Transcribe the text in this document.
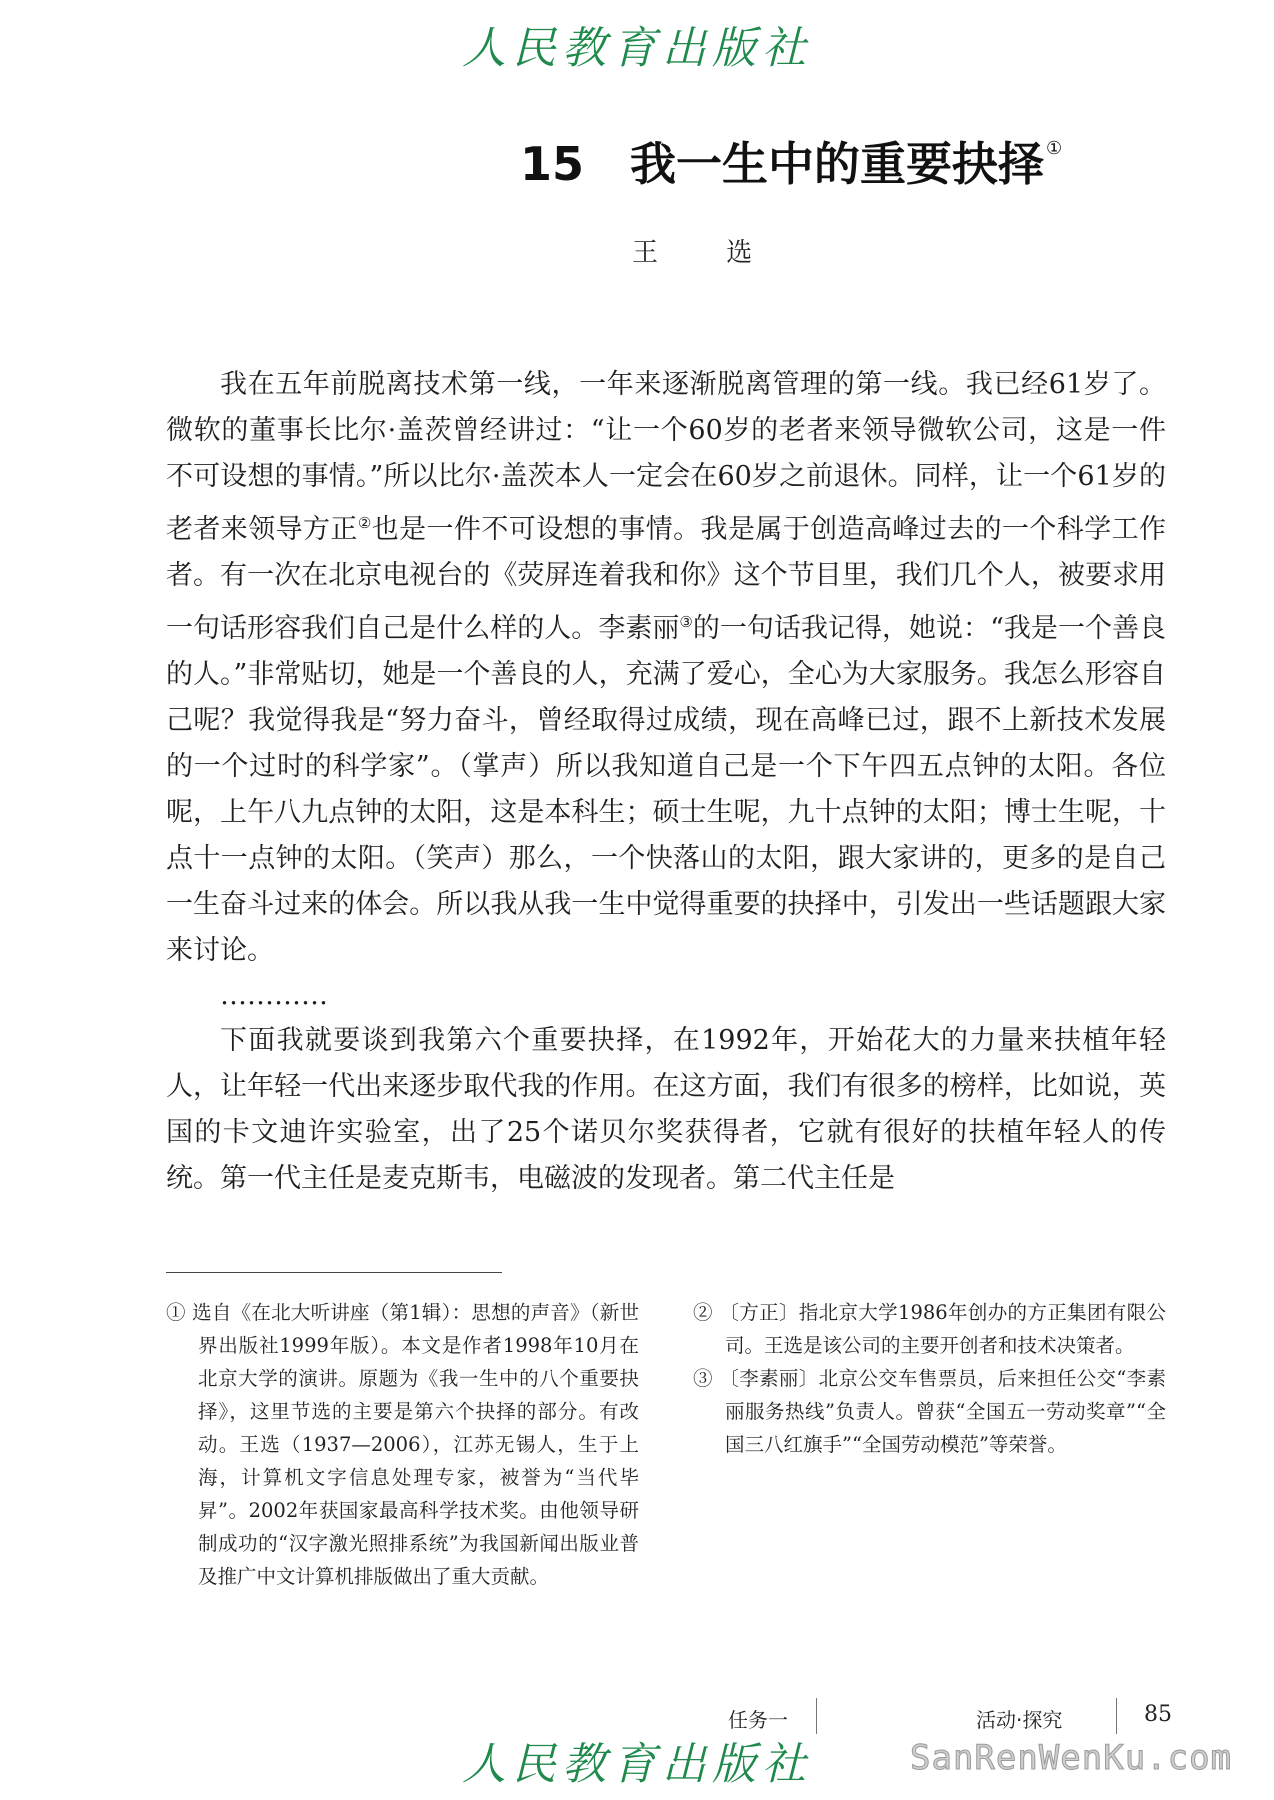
人民教育出版社
15 我一生中的重要抉择 ①
王 选

我在五年前脱离技术第一线，一年来逐渐脱离管理的第一线。我已经61岁了。微软的董事长比尔·盖茨曾经讲过：“让一个60岁的老者来领导微软公司，这是一件不可设想的事情。”所以比尔·盖茨本人一定会在60岁之前退休。同样，让一个61岁的老者来领导方正②也是一件不可设想的事情。我是属于创造高峰过去的一个科学工作者。有一次在北京电视台的《荧屏连着我和你》这个节目里，我们几个人，被要求用一句话形容我们自己是什么样的人。李素丽③的一句话我记得，她说：“我是一个善良的人。”非常贴切，她是一个善良的人，充满了爱心，全心为大家服务。我怎么形容自己呢？我觉得我是“努力奋斗，曾经取得过成绩，现在高峰已过，跟不上新技术发展的一个过时的科学家”。（掌声）所以我知道自己是一个下午四五点钟的太阳。各位呢，上午八九点钟的太阳，这是本科生；硕士生呢，九十点钟的太阳；博士生呢，十点十一点钟的太阳。（笑声）那么，一个快落山的太阳，跟大家讲的，更多的是自己一生奋斗过来的体会。所以我从我一生中觉得重要的抉择中，引发出一些话题跟大家来讨论。

…………

下面我就要谈到我第六个重要抉择，在1992年，开始花大的力量来扶植年轻人，让年轻一代出来逐步取代我的作用。在这方面，我们有很多的榜样，比如说，英国的卡文迪许实验室，出了25个诺贝尔奖获得者，它就有很好的扶植年轻人的传统。第一代主任是麦克斯韦，电磁波的发现者。第二代主任是

① 选自《在北大听讲座（第1辑）：思想的声音》（新世界出版社1999年版）。本文是作者1998年10月在北京大学的演讲。原题为《我一生中的八个重要抉择》，这里节选的主要是第六个抉择的部分。有改动。王选（1937—2006），江苏无锡人，生于上海，计算机文字信息处理专家，被誉为“当代毕昇”。2002年获国家最高科学技术奖。由他领导研制成功的“汉字激光照排系统”为我国新闻出版业普及推广中文计算机排版做出了重大贡献。

② 〔方正〕指北京大学1986年创办的方正集团有限公司。王选是该公司的主要开创者和技术决策者。

③ 〔李素丽〕北京公交车售票员，后来担任公交“李素丽服务热线”负责人。曾获“全国五一劳动奖章”“全国三八红旗手”“全国劳动模范”等荣誉。

任务一	活动·探究	85
人民教育出版社	SanRenWenKu.com
